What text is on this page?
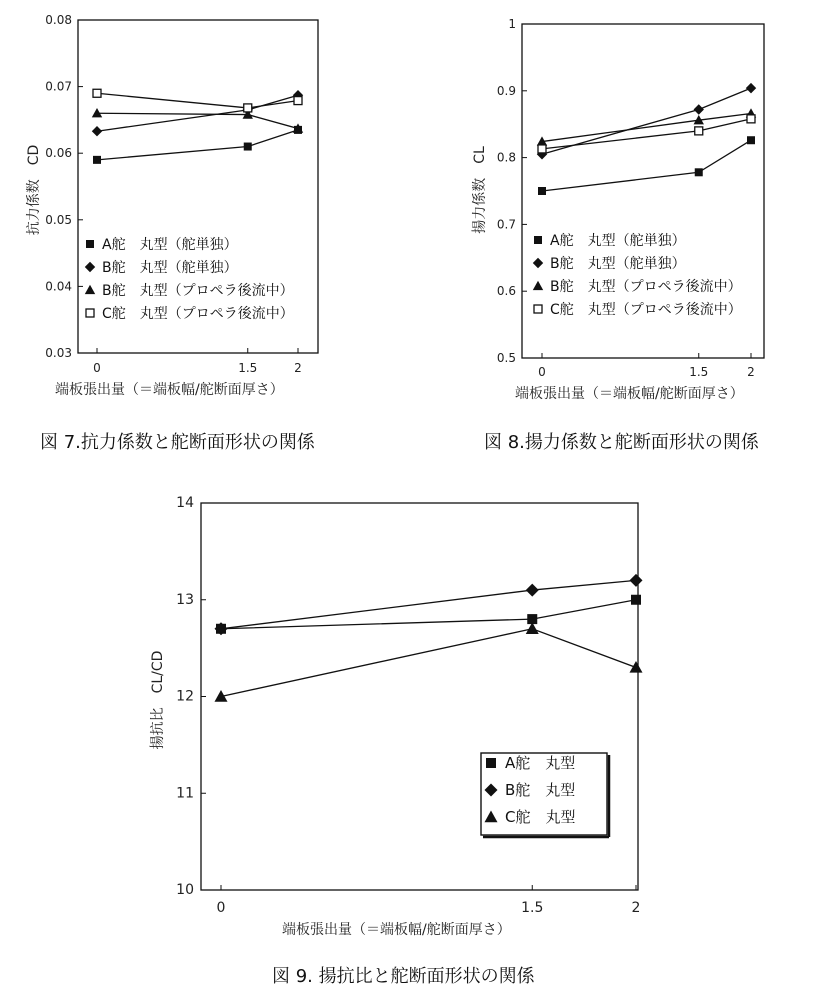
0.03
0.04
0.05
0.06
0.07
0.08
0	1.5	2
A舵　丸型（舵単独）
B舵　丸型（舵単独）
B舵　丸型（プロペラ後流中）
C舵　丸型（プロペラ後流中）
抗力係数　CD
端板張出量（＝端板幅/舵断面厚さ）
図 7.抗力係数と舵断面形状の関係
0.5
0.6
0.7
0.8
0.9
1
0	1.5	2
A舵　丸型（舵単独）
B舵　丸型（舵単独）
B舵　丸型（プロペラ後流中）
C舵　丸型（プロペラ後流中）
揚力係数　CL
端板張出量（＝端板幅/舵断面厚さ）
図 8.揚力係数と舵断面形状の関係
10
11
12
13
14
0	1.5	2
A舵　丸型
B舵　丸型
C舵　丸型
揚抗比　CL/CD
端板張出量（＝端板幅/舵断面厚さ）
図 9. 揚抗比と舵断面形状の関係
